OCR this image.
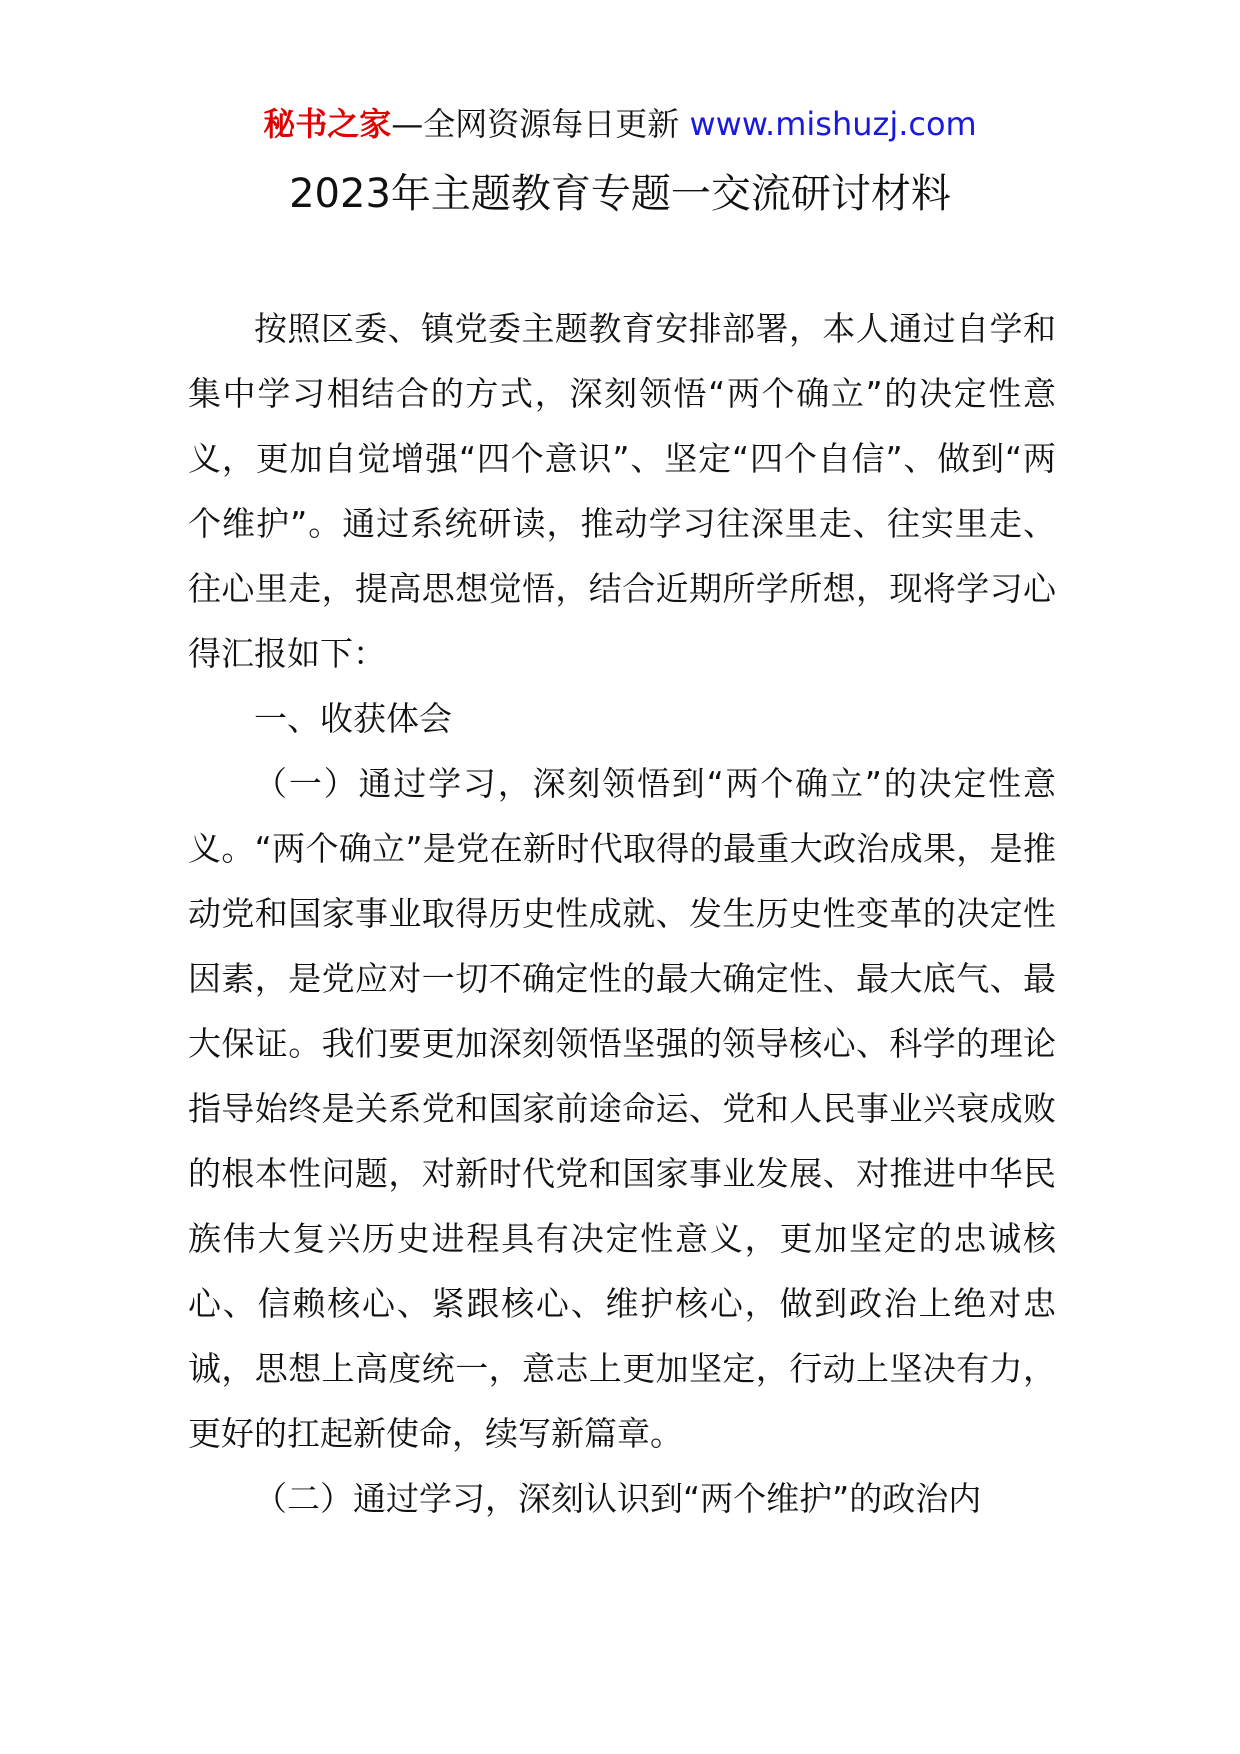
秘书之家—全网资源每日更新 www.mishuzj.com
2023年主题教育专题一交流研讨材料

按照区委、镇党委主题教育安排部署，本人通过自学和集中学习相结合的方式，深刻领悟“两个确立”的决定性意义，更加自觉增强“四个意识”、坚定“四个自信”、做到“两个维护”。通过系统研读，推动学习往深里走、往实里走、往心里走，提高思想觉悟，结合近期所学所想，现将学习心得汇报如下：

一、收获体会

（一）通过学习，深刻领悟到“两个确立”的决定性意义。“两个确立”是党在新时代取得的最重大政治成果，是推动党和国家事业取得历史性成就、发生历史性变革的决定性因素，是党应对一切不确定性的最大确定性、最大底气、最大保证。我们要更加深刻领悟坚强的领导核心、科学的理论指导始终是关系党和国家前途命运、党和人民事业兴衰成败的根本性问题，对新时代党和国家事业发展、对推进中华民族伟大复兴历史进程具有决定性意义，更加坚定的忠诚核心、信赖核心、紧跟核心、维护核心，做到政治上绝对忠诚，思想上高度统一，意志上更加坚定，行动上坚决有力，更好的扛起新使命，续写新篇章。

（二）通过学习，深刻认识到“两个维护”的政治内
